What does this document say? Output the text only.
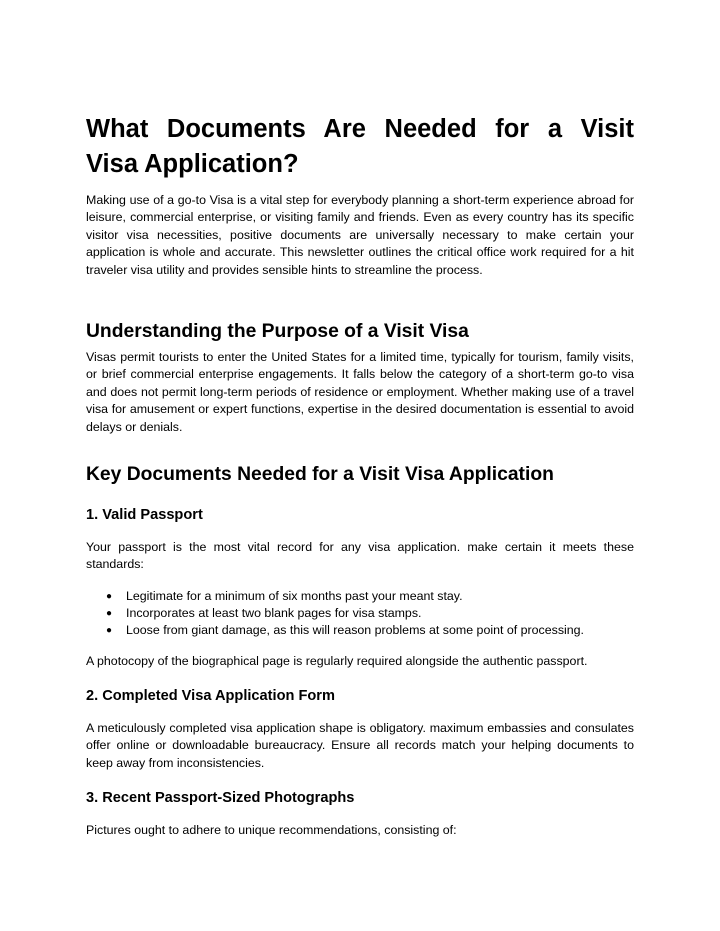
What Documents Are Needed for a Visit
Visa Application?

Making use of a go-to Visa is a vital step for everybody planning a short-term experience abroad for leisure, commercial enterprise, or visiting family and friends. Even as every country has its specific visitor visa necessities, positive documents are universally necessary to make certain your application is whole and accurate. This newsletter outlines the critical office work required for a hit traveler visa utility and provides sensible hints to streamline the process.

Understanding the Purpose of a Visit Visa

Visas permit tourists to enter the United States for a limited time, typically for tourism, family visits, or brief commercial enterprise engagements. It falls below the category of a short-term go-to visa and does not permit long-term periods of residence or employment. Whether making use of a travel visa for amusement or expert functions, expertise in the desired documentation is essential to avoid delays or denials.

Key Documents Needed for a Visit Visa Application
1. Valid Passport

Your passport is the most vital record for any visa application. make certain it meets these standards:

● Legitimate for a minimum of six months past your meant stay.
● Incorporates at least two blank pages for visa stamps.
● Loose from giant damage, as this will reason problems at some point of processing.

A photocopy of the biographical page is regularly required alongside the authentic passport.

2. Completed Visa Application Form

A meticulously completed visa application shape is obligatory. maximum embassies and consulates offer online or downloadable bureaucracy. Ensure all records match your helping documents to keep away from inconsistencies.

3. Recent Passport-Sized Photographs

Pictures ought to adhere to unique recommendations, consisting of:
